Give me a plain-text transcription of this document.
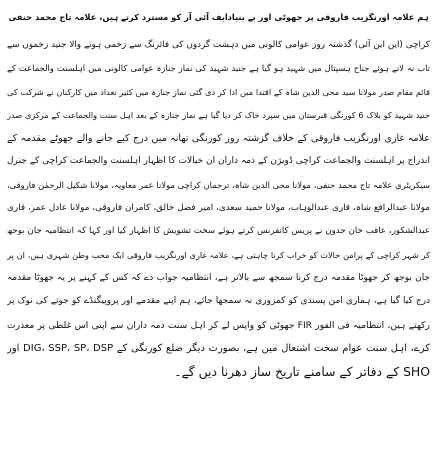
ہم علامہ اورنگزیب فاروقی پر جھوٹی اور بے بنیادایف آئی آر کو مسترد کرتے ہیں، علامہ تاج محمد حنفی
کراچی (این این آئی) گذشتہ روز عوامی کالونی میں دہشت گردوں کی فائرنگ سے زخمی ہونے والا جنید زخموں سے
تاب نہ لاتے ہوئے جناح ہسپتال میں شہید ہو گیا ہے جنید شہید کی نماز جنازہ عوامی کالونی میں اہلسنت والجماعت کے
قائم مقام صدر مولانا سید محی الدین شاہ کے اقتدا میں ادا کر دی گئی نماز جنازہ میں کثیر تعداد میں کارکنان نے شرکت کی
جنید شہید کو بلاک 6 کورنگی قبرستان میں سپرد خاک کر دیا گیا ہے نماز جنازہ کے بعد اہل سنت والجماعت کے مرکزی صدر
علامہ غازی اورنگزیب فاروقی کے خلاف گزشتہ روز کورنگی تھانہ میں درج کیے جانے والے جھوٹے مقدمہ کے
اندراج پر اہلسنت والجماعت کراچی ڈویژن کے ذمہ داران ان خیالات کا اظہار اہلسنت والجماعت کراچی کے جنرل
سیکریٹری علامہ تاج محمد حنفی، مولانا محی الدین شاہ، ترجمان کراچی مولانا عمر معاویہ، مولانا شکیل الرحمٰن فاروقی،
مولانا عبدالرافع شاہ، قاری عبدالوہاب، مولانا حمید سعدی، امیر فضل خالق، کامران فاروقی، مولانا عادل عمر، قاری
عبدالشکور، عاقب خان جدون نے پریس کانفرنس کرتے ہوئے سخت تشویش کا اظہار کیا اور کہا کہ انتظامیہ جان بوجھ
کر شہر کراچی کے پرامن حالات کو خراب کرنا چاہتی ہے، علامہ غازی اورنگزیب فاروقی ایک محب وطن شہری ہیں، ان پر
جان بوجھ کر جھوٹا مقدمہ درج کرنا سمجھ سے بالاتر ہے، انتظامیہ جواب دے کہ کس کے کہنے پر یہ جھوٹا مقدمہ
درج کیا گیا ہے، ہماری امن پسندی کو کمزوری نہ سمجھا جائے، ہم اپنے مقدمے اور پروپیگنڈے کو جوتے کی نوک پر
رکھتے ہیں، انتظامیہ فی الفور FIR جھوٹی کو واپس لے کر اہل سنت ذمہ داران سے اپنی اس غلطی پر معذرت
کرے، اہل سنت عوام سخت اشتعال میں ہے، بصورت دیگر ضلع کورنگی کے DIG، SSP، SP، DSP اور
SHO کے دفاتر کے سامنے تاریخ ساز دھرنا دیں گے۔
